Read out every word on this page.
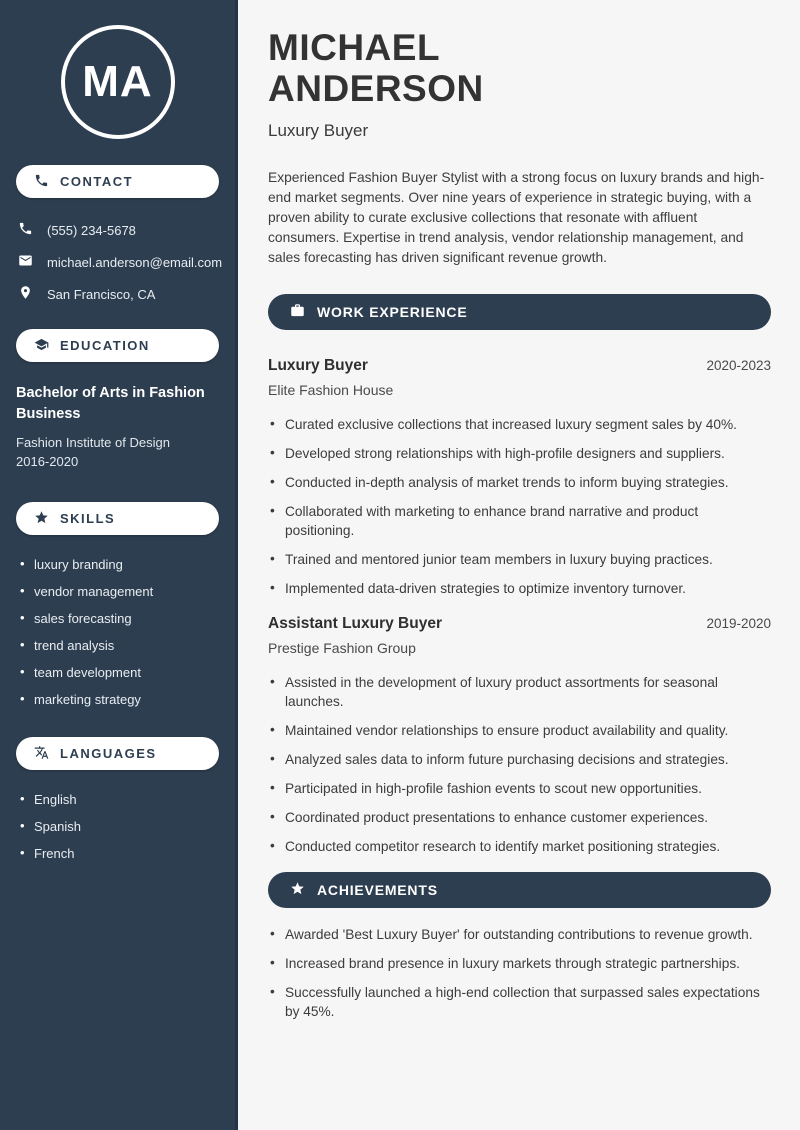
MA
CONTACT
(555) 234-5678
michael.anderson@email.com
San Francisco, CA
EDUCATION
Bachelor of Arts in Fashion Business
Fashion Institute of Design
2016-2020
SKILLS
• luxury branding
• vendor management
• sales forecasting
• trend analysis
• team development
• marketing strategy
LANGUAGES
• English
• Spanish
• French
MICHAEL
ANDERSON
Luxury Buyer

Experienced Fashion Buyer Stylist with a strong focus on luxury brands and high-end market segments. Over nine years of experience in strategic buying, with a proven ability to curate exclusive collections that resonate with affluent consumers. Expertise in trend analysis, vendor relationship management, and sales forecasting has driven significant revenue growth.

WORK EXPERIENCE
Luxury Buyer	2020-2023
Elite Fashion House
• Curated exclusive collections that increased luxury segment sales by 40%.
• Developed strong relationships with high-profile designers and suppliers.
• Conducted in-depth analysis of market trends to inform buying strategies.
• Collaborated with marketing to enhance brand narrative and product positioning.
• Trained and mentored junior team members in luxury buying practices.
• Implemented data-driven strategies to optimize inventory turnover.
Assistant Luxury Buyer	2019-2020
Prestige Fashion Group
• Assisted in the development of luxury product assortments for seasonal launches.
• Maintained vendor relationships to ensure product availability and quality.
• Analyzed sales data to inform future purchasing decisions and strategies.
• Participated in high-profile fashion events to scout new opportunities.
• Coordinated product presentations to enhance customer experiences.
• Conducted competitor research to identify market positioning strategies.
ACHIEVEMENTS
• Awarded 'Best Luxury Buyer' for outstanding contributions to revenue growth.
• Increased brand presence in luxury markets through strategic partnerships.
• Successfully launched a high-end collection that surpassed sales expectations by 45%.
